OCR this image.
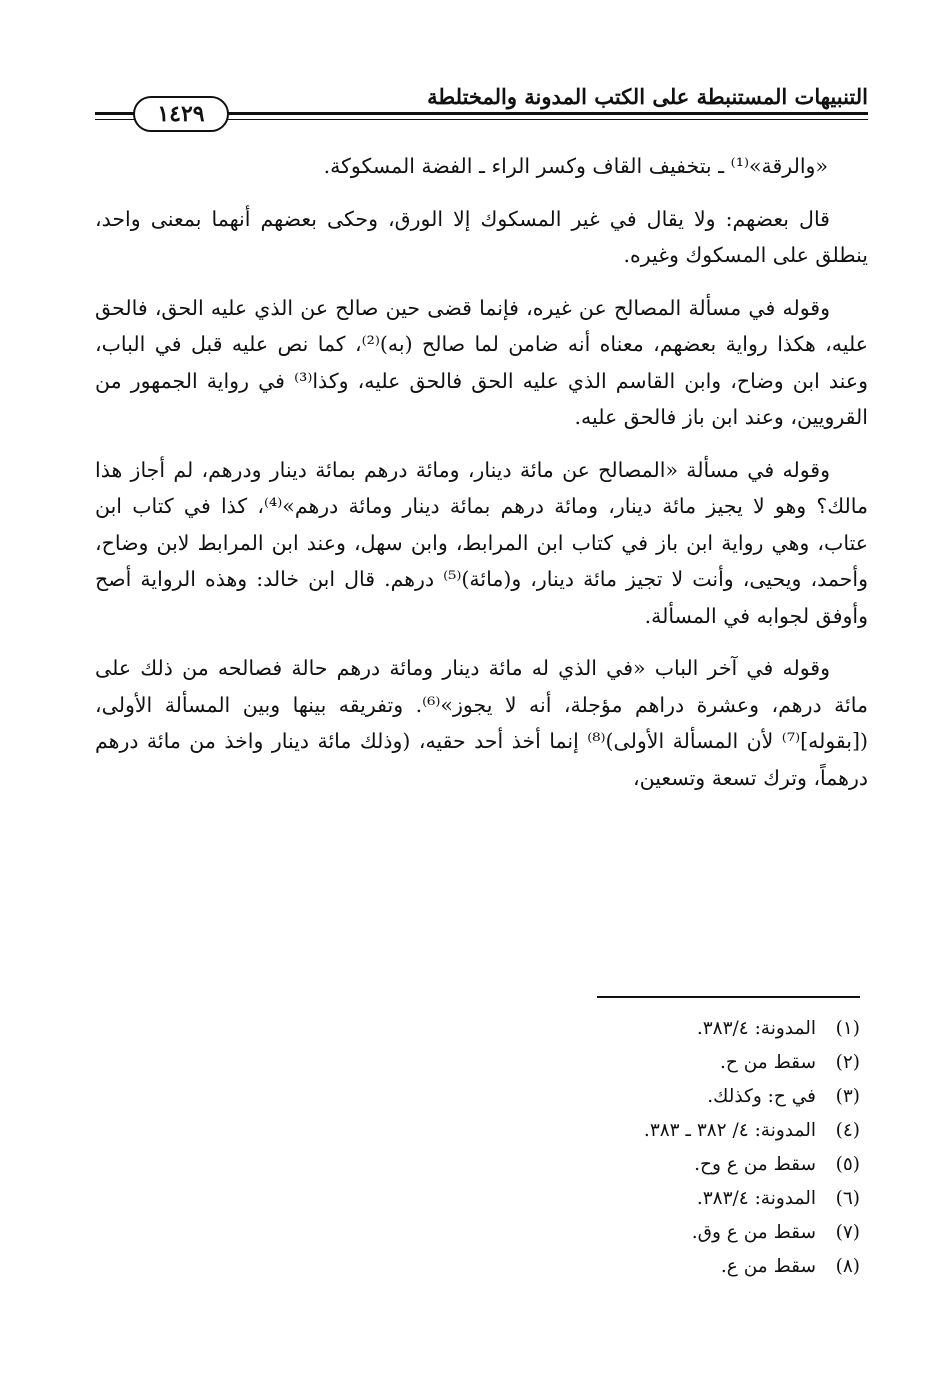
التنبيهات المستنبطة على الكتب المدونة والمختلطة
١٤٢٩

«والرقة»⁽¹⁾ ـ بتخفيف القاف وكسر الراء ـ الفضة المسكوكة.

قال بعضهم: ولا يقال في غير المسكوك إلا الورق، وحكى بعضهم أنهما بمعنى واحد، ينطلق على المسكوك وغيره.

وقوله في مسألة المصالح عن غيره، فإنما قضى حين صالح عن الذي عليه الحق، فالحق عليه، هكذا رواية بعضهم، معناه أنه ضامن لما صالح (به)⁽²⁾، كما نص عليه قبل في الباب، وعند ابن وضاح، وابن القاسم الذي عليه الحق فالحق عليه، وكذا⁽³⁾ في رواية الجمهور من القرويين، وعند ابن باز فالحق عليه.

وقوله في مسألة «المصالح عن مائة دينار، ومائة درهم بمائة دينار ودرهم، لم أجاز هذا مالك؟ وهو لا يجيز مائة دينار، ومائة درهم بمائة دينار ومائة درهم»⁽⁴⁾، كذا في كتاب ابن عتاب، وهي رواية ابن باز في كتاب ابن المرابط، وابن سهل، وعند ابن المرابط لابن وضاح، وأحمد، ويحيى، وأنت لا تجيز مائة دينار، و(مائة)⁽⁵⁾ درهم. قال ابن خالد: وهذه الرواية أصح وأوفق لجوابه في المسألة.

وقوله في آخر الباب «في الذي له مائة دينار ومائة درهم حالة فصالحه من ذلك على مائة درهم، وعشرة دراهم مؤجلة، أنه لا يجوز»⁽⁶⁾. وتفريقه بينها وبين المسألة الأولى، ([بقوله]⁽⁷⁾ لأن المسألة الأولى)⁽⁸⁾ إنما أخذ أحد حقيه، (وذلك مائة دينار واخذ من مائة درهم درهماً، وترك تسعة وتسعين،

(١)المدونة: ٣٨٣/٤.
(٢)سقط من ح.
(٣)في ح: وكذلك.
(٤)المدونة: ٤/ ٣٨٢ ـ ٣٨٣.
(٥)سقط من ع وح.
(٦)المدونة: ٣٨٣/٤.
(٧)سقط من ع وق.
(٨)سقط من ع.
